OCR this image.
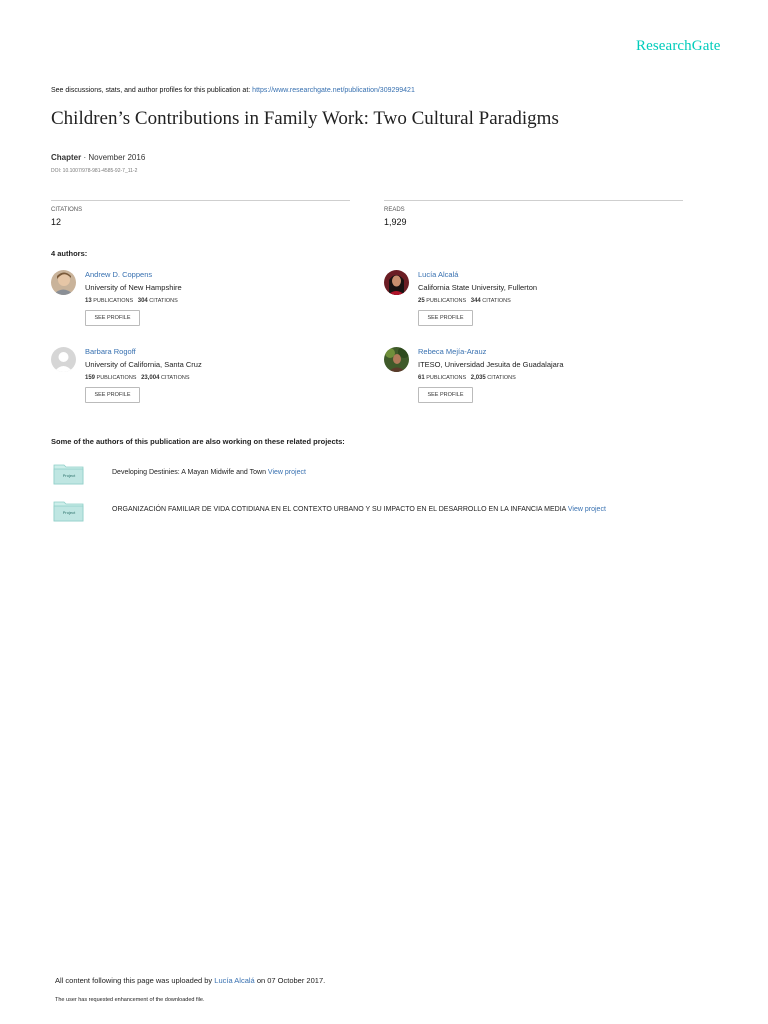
ResearchGate
See discussions, stats, and author profiles for this publication at: https://www.researchgate.net/publication/309299421
Children’s Contributions in Family Work: Two Cultural Paradigms
Chapter · November 2016
DOI: 10.1007/978-981-4585-92-7_11-2
CITATIONS
12
READS
1,929
4 authors:
Andrew D. Coppens
University of New Hampshire
13 PUBLICATIONS 304 CITATIONS
SEE PROFILE
Lucía Alcalá
California State University, Fullerton
25 PUBLICATIONS 344 CITATIONS
SEE PROFILE
Barbara Rogoff
University of California, Santa Cruz
159 PUBLICATIONS 23,004 CITATIONS
SEE PROFILE
Rebeca Mejía-Arauz
ITESO, Universidad Jesuita de Guadalajara
61 PUBLICATIONS 2,035 CITATIONS
SEE PROFILE
Some of the authors of this publication are also working on these related projects:
Project	Developing Destinies: A Mayan Midwife and Town View project
Project	ORGANIZACIÓN FAMILIAR DE VIDA COTIDIANA EN EL CONTEXTO URBANO Y SU IMPACTO EN EL DESARROLLO EN LA INFANCIA MEDIA View project
All content following this page was uploaded by Lucía Alcalá on 07 October 2017.
The user has requested enhancement of the downloaded file.
